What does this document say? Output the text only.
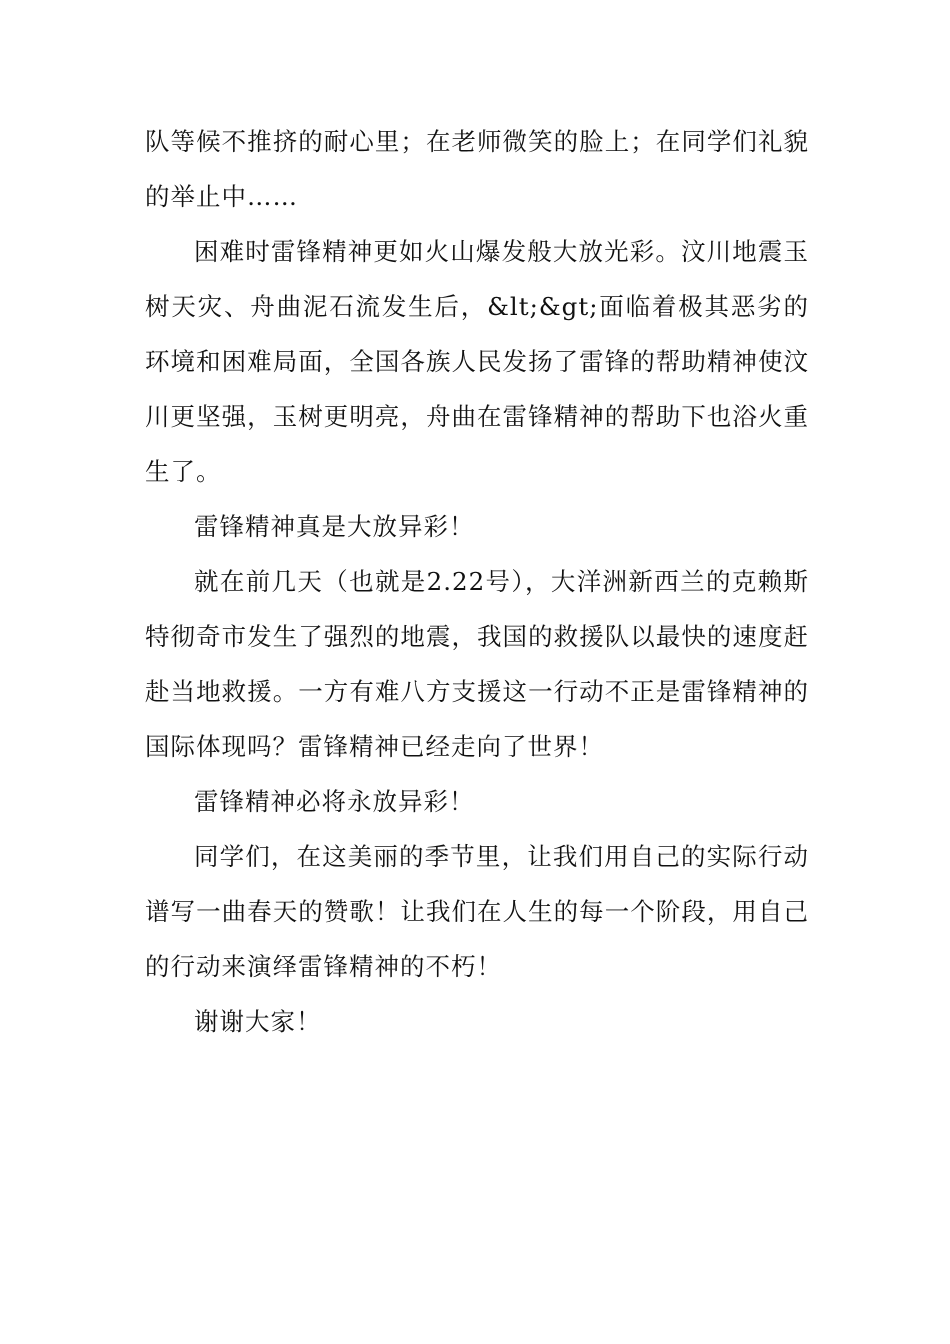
队等候不推挤的耐心里；在老师微笑的脸上；在同学们礼貌的举止中……

困难时雷锋精神更如火山爆发般大放光彩。汶川地震玉树天灾、舟曲泥石流发生后，&lt;&gt;面临着极其恶劣的环境和困难局面，全国各族人民发扬了雷锋的帮助精神使汶川更坚强，玉树更明亮，舟曲在雷锋精神的帮助下也浴火重生了。

雷锋精神真是大放异彩！

就在前几天（也就是2.22号），大洋洲新西兰的克赖斯特彻奇市发生了强烈的地震，我国的救援队以最快的速度赶赴当地救援。一方有难八方支援这一行动不正是雷锋精神的国际体现吗？雷锋精神已经走向了世界！

雷锋精神必将永放异彩！

同学们，在这美丽的季节里，让我们用自己的实际行动谱写一曲春天的赞歌！让我们在人生的每一个阶段，用自己的行动来演绎雷锋精神的不朽！

谢谢大家！
